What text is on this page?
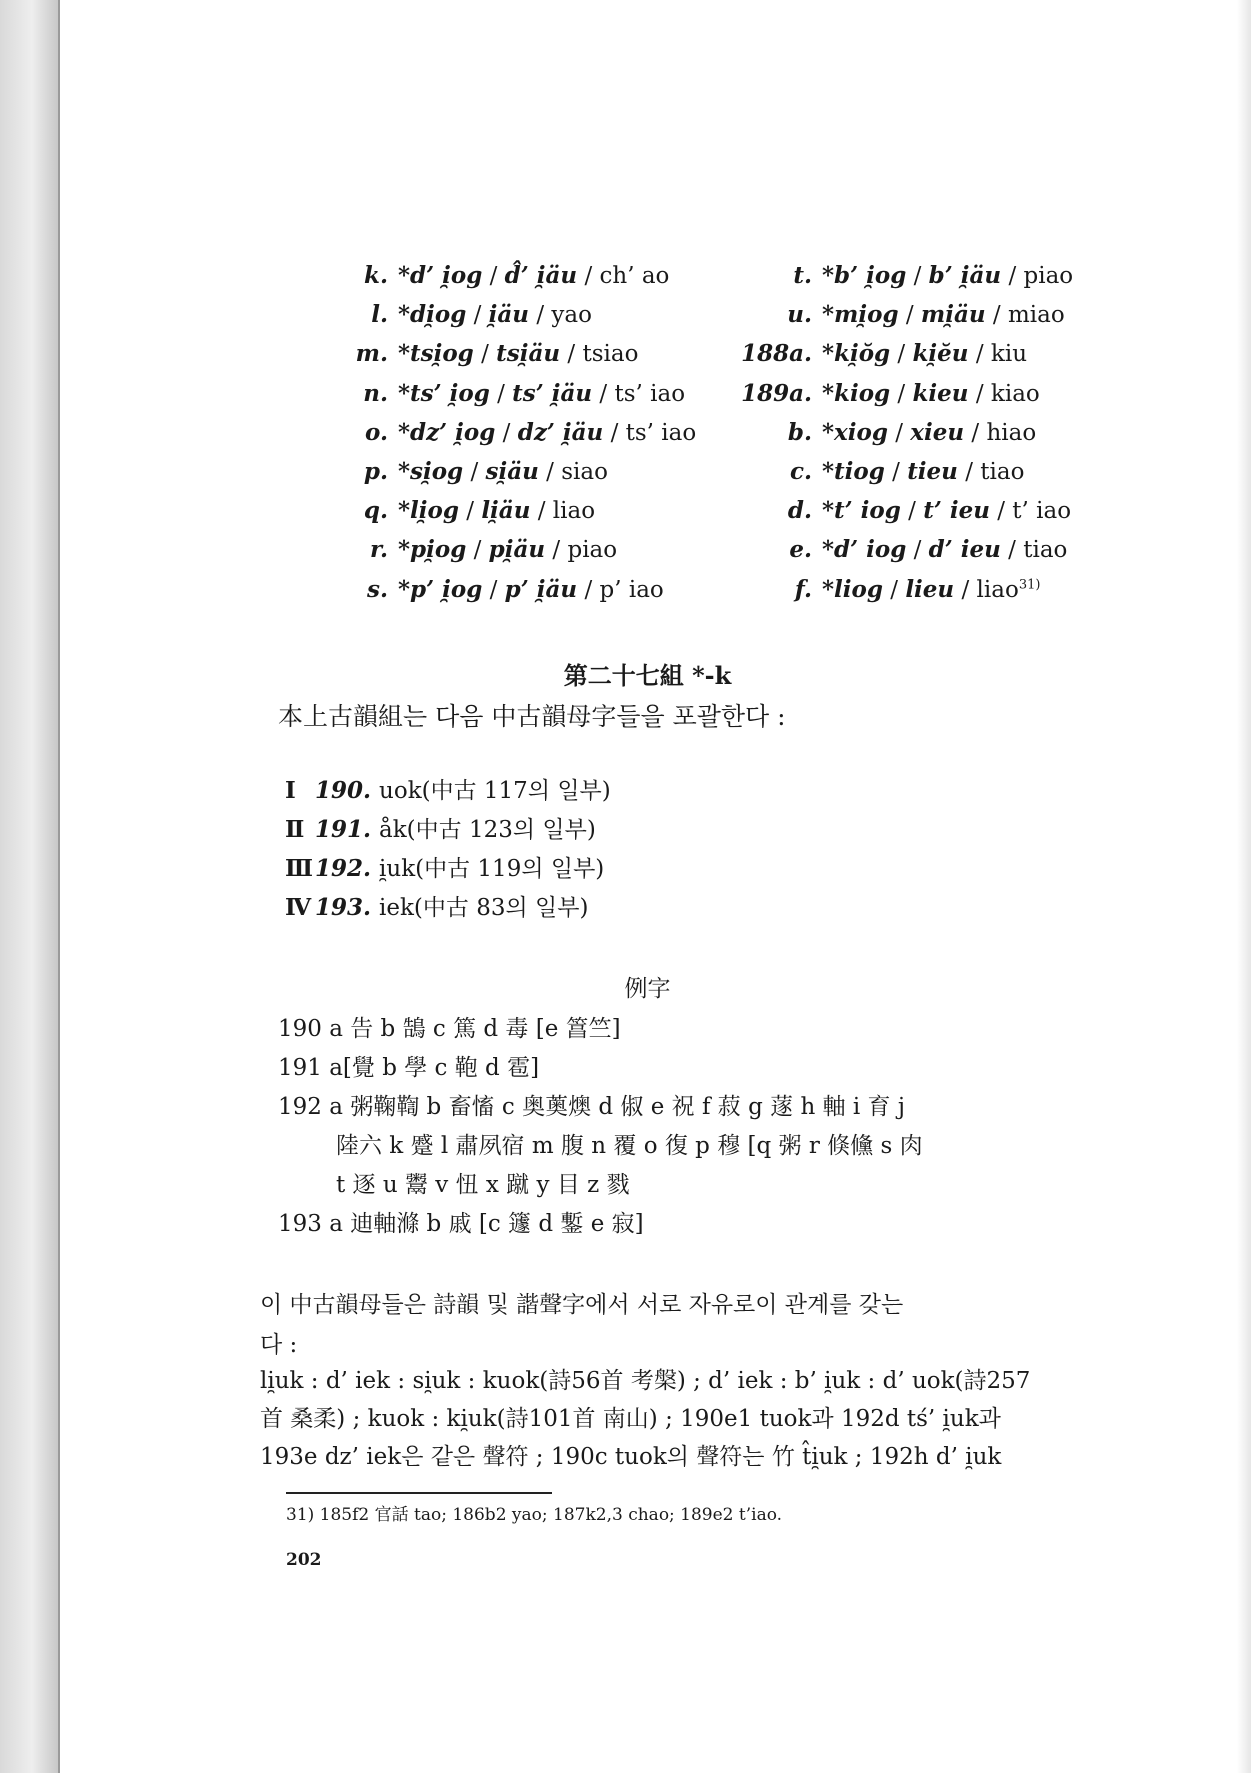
k. *d’ i̯og / d̂’ i̯äu / ch’ ao
l. *di̯og / i̯äu / yao
m. *tsi̯og / tsi̯äu / tsiao
n. *ts’ i̯og / ts’ i̯äu / ts’ iao
o. *dz’ i̯og / dz’ i̯äu / ts’ iao
p. *si̯og / si̯äu / siao
q. *li̯og / li̯äu / liao
r. *pi̯og / pi̯äu / piao
s. *p’ i̯og / p’ i̯äu / p’ iao
t. *b’ i̯og / b’ i̯äu / piao
u. *mi̯og / mi̯äu / miao
188a. *ki̯ŏg / ki̯ĕu / kiu
189a. *kiog / kieu / kiao
b. *xiog / xieu / hiao
c. *tiog / tieu / tiao
d. *t’ iog / t’ ieu / t’ iao
e. *d’ iog / d’ ieu / tiao
f. *liog / lieu / liao$^{31)}$
第二十七組 *-k
本上古韻組는 다음 中古韻母字들을 포괄한다 :
Ⅰ 190. uok(中古 117의 일부)
Ⅱ 191. åk(中古 123의 일부)
Ⅲ192. i̯uk(中古 119의 일부)
Ⅳ 193. iek(中古 83의 일부)
例字
190 a 告 b 鵠 c 篤 d 毒 [e 䈞竺]
191 a[覺 b 學 c 鞄 d 雹]
192 a 粥鞠鞫 b 畜慉 c 奥薁燠 d 俶 e 祝 f 菽 g 蓫 h 軸 i 育 j
陸六 k 蹙 l 肅夙宿 m 腹 n 覆 o 復 p 穆 [q 粥 r 倏儵 s 肉
t 逐 u 鬻 v 忸 x 蹴 y 目 z 戮
193 a 迪軸滌 b 戚 [c 籧 d 鏨 e 寂]
이 中古韻母들은 詩韻 및 諧聲字에서 서로 자유로이 관계를 갖는
다 :
li̯uk : d’ iek : si̯uk : kuok(詩56首 考槃) ; d’ iek : b’ i̯uk : d’ uok(詩257
首 桑柔) ; kuok : ki̯uk(詩101首 南山) ; 190e1 tuok과 192d tś’ i̯uk과
193e dz’ iek은 같은 聲符 ; 190c tuok의 聲符는 竹 t̂i̯uk ; 192h d’ i̯uk
31) 185f2 官話 tao; 186b2 yao; 187k2,3 chao; 189e2 t’iao.
202
